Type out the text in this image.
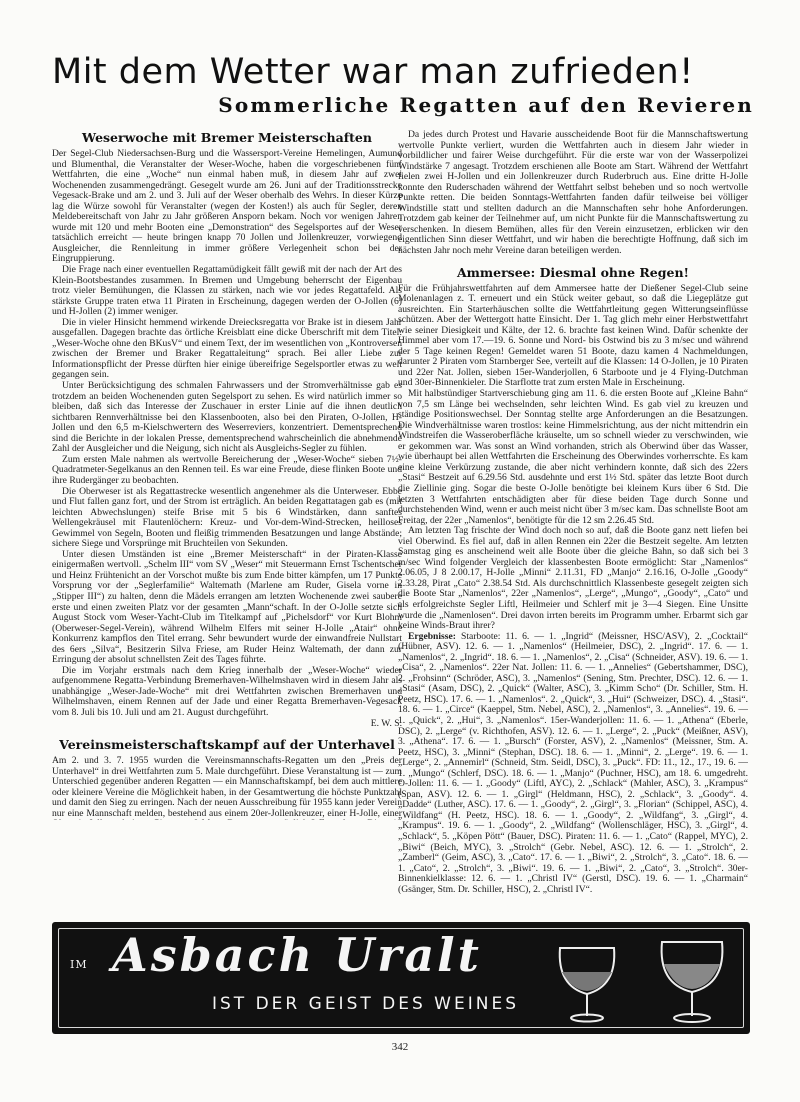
Mit dem Wetter war man zufrieden!
Sommerliche Regatten auf den Revieren
Weserwoche mit Bremer Meisterschaften

Der Segel-Club Niedersachsen-Burg und die Wassersport-Vereine Hemelingen, Aumund und Blumenthal, die Veranstalter der Weser-Woche, haben die vorgeschriebenen fünf Wettfahrten, die eine „Woche“ nun einmal haben muß, in diesem Jahr auf zwei Wochenenden zusammengedrängt. Gesegelt wurde am 26. Juni auf der Traditionsstrecke Vegesack-Brake und am 2. und 3. Juli auf der Weser oberhalb des Wehrs. In dieser Kürze lag die Würze sowohl für Veranstalter (wegen der Kosten!) als auch für Segler, deren Meldebereitschaft von Jahr zu Jahr größeren Ansporn bekam. Noch vor wenigen Jahren wurde mit 120 und mehr Booten eine „Demonstration“ des Segelsportes auf der Weser tatsächlich erreicht — heute bringen knapp 70 Jollen und Jollenkreuzer, vorwiegend Ausgleicher, die Rennleitung in immer größere Verlegenheit schon bei der Eingruppierung.

Die Frage nach einer eventuellen Regattamüdigkeit fällt gewiß mit der nach der Art des Klein-Bootsbestandes zusammen. In Bremen und Umgebung beherrscht der Eigenbau trotz vieler Bemühungen, die Klassen zu stärken, nach wie vor jedes Regattafeld. Als stärkste Gruppe traten etwa 11 Piraten in Erscheinung, dagegen werden der O-Jollen (6) und H-Jollen (2) immer weniger.

Die in vieler Hinsicht hemmend wirkende Dreiecksregatta vor Brake ist in diesem Jahr ausgefallen. Dagegen brachte das örtliche Kreisblatt eine dicke Überschrift mit dem Titel: „Weser-Woche ohne den BKusV“ und einem Text, der im wesentlichen von „Kontroversen zwischen der Bremer und Braker Regattaleitung“ sprach. Bei aller Liebe zur Informationspflicht der Presse dürften hier einige übereifrige Segelsportler etwas zu weit gegangen sein.

Unter Berücksichtigung des schmalen Fahrwassers und der Stromverhältnisse gab es trotzdem an beiden Wochenenden guten Segelsport zu sehen. Es wird natürlich immer so bleiben, daß sich das Interesse der Zuschauer in erster Linie auf die ihnen deutlich sichtbaren Rennverhältnisse bei den Klassenbooten, also bei den Piraten, O-Jollen, H-Jollen und den 6,5 m-Kielschwertern des Weserreviers, konzentriert. Dementsprechend sind die Berichte in der lokalen Presse, dementsprechend wahrscheinlich die abnehmende Zahl der Ausgleicher und die Neigung, sich nicht als Ausgleichs-Segler zu fühlen.

Zum ersten Male nahmen als wertvolle Bereicherung der „Weser-Woche“ sieben 7½-Quadratmeter-Segelkanus an den Rennen teil. Es war eine Freude, diese flinken Boote und ihre Rudergänger zu beobachten.

Die Oberweser ist als Regattastrecke wesentlich angenehmer als die Unterweser. Ebbe und Flut fallen ganz fort, und der Strom ist erträglich. An beiden Regattatagen gab es (mit leichten Abwechslungen) steife Brise mit 5 bis 6 Windstärken, dann sanftes Wellengekräusel mit Flautenlöchern: Kreuz- und Vor-dem-Wind-Strecken, heilloses Gewimmel von Segeln, Booten und fleißig trimmenden Besatzungen und lange Abstände; sichere Siege und Vorsprünge mit Bruchteilen von Sekunden.

Unter diesen Umständen ist eine „Bremer Meisterschaft“ in der Piraten-Klasse einigermaßen wertvoll. „Schelm III“ vom SV „Weser“ mit Steuermann Ernst Tschentscher und Heinz Frühtenicht an der Vorschot mußte bis zum Ende bitter kämpfen, um 17 Punkte Vorsprung vor der „Seglerfamilie“ Waltemath (Marlene am Ruder, Gisela vorne in „Stipper III“) zu halten, denn die Mädels errangen am letzten Wochenende zwei saubere erste und einen zweiten Platz vor der gesamten „Mann“schaft. In der O-Jolle setzte sich August Stock vom Weser-Yacht-Club im Titelkampf auf „Pichelsdorf“ vor Kurt Blohm (Oberweser-Segel-Verein), während Wilhelm Elfers mit seiner H-Jolle „Atair“ ohne Konkurrenz kampflos den Titel errang. Sehr bewundert wurde der einwandfreie Nullstart des 6ers „Silva“, Besitzerin Silva Friese, am Ruder Heinz Waltemath, der dann zur Erringung der absolut schnellsten Zeit des Tages führte.

Die im Vorjahr erstmals nach dem Krieg innerhalb der „Weser-Woche“ wieder aufgenommene Regatta-Verbindung Bremerhaven-Wilhelmshaven wird in diesem Jahr als unabhängige „Weser-Jade-Woche“ mit drei Wettfahrten zwischen Bremerhaven und Wilhelmshaven, einem Rennen auf der Jade und einer Regatta Bremerhaven-Vegesack vom 8. Juli bis 10. Juli und am 21. August durchgeführt.

E. W. S.
Vereinsmeisterschaftskampf auf der Unterhavel

Am 2. und 3. 7. 1955 wurden die Vereinsmannschafts-Regatten um den „Preis der Unterhavel“ in drei Wettfahrten zum 5. Male durchgeführt. Diese Veranstaltung ist — zum Unterschied gegenüber anderen Regatten — ein Mannschaftskampf, bei dem auch mittlere oder kleinere Vereine die Möglichkeit haben, in der Gesamtwertung die höchste Punktzahl und damit den Sieg zu erringen. Nach der neuen Ausschreibung für 1955 kann jeder Verein nur eine Mannschaft melden, bestehend aus einem 20er-Jollenkreuzer, einer H-Jolle, einer

Da jedes durch Protest und Havarie ausscheidende Boot für die Mannschaftswertung wertvolle Punkte verliert, wurden die Wettfahrten auch in diesem Jahr wieder in vorbildlicher und fairer Weise durchgeführt. Für die erste war von der Wasserpolizei Windstärke 7 angesagt. Trotzdem erschienen alle Boote am Start. Während der Wettfahrt fielen zwei H-Jollen und ein Jollenkreuzer durch Ruderbruch aus. Eine dritte H-Jolle konnte den Ruderschaden während der Wettfahrt selbst beheben und so noch wertvolle Punkte retten. Die beiden Sonntags-Wettfahrten fanden dafür teilweise bei völliger Windstille statt und stellten dadurch an die Mannschaften sehr hohe Anforderungen. Trotzdem gab keiner der Teilnehmer auf, um nicht Punkte für die Mannschaftswertung zu verschenken. In diesem Bemühen, alles für den Verein einzusetzen, erblicken wir den eigentlichen Sinn dieser Wettfahrt, und wir haben die berechtigte Hoffnung, daß sich im nächsten Jahr noch mehr Vereine daran beteiligen werden.

Ammersee: Diesmal ohne Regen!

Für die Frühjahrswettfahrten auf dem Ammersee hatte der Dießener Segel-Club seine Molenanlagen z. T. erneuert und ein Stück weiter gebaut, so daß die Liegeplätze gut ausreichten. Ein Starterhäuschen sollte die Wettfahrtleitung gegen Witterungseinflüsse schützen. Aber der Wettergott hatte Einsicht. Der 1. Tag glich mehr einer Herbstwettfahrt wie seiner Diesigkeit und Kälte, der 12. 6. brachte fast keinen Wind. Dafür schenkte der Himmel aber vom 17.—19. 6. Sonne und Nord- bis Ostwind bis zu 3 m/sec und während der 5 Tage keinen Regen! Gemeldet waren 51 Boote, dazu kamen 4 Nachmeldungen, darunter 2 Piraten vom Starnberger See, verteilt auf die Klassen: 14 O-Jollen, je 10 Piraten und 22er Nat. Jollen, sieben 15er-Wanderjollen, 6 Starboote und je 4 Flying-Dutchman und 30er-Binnenkieler. Die Starflotte trat zum ersten Male in Erscheinung.

Mit halbstündiger Startverschiebung ging am 11. 6. die ersten Boote auf „Kleine Bahn“ von 7,5 sm Länge bei wechselnden, sehr leichten Wind. Es gab viel zu kreuzen und ständige Positionswechsel. Der Sonntag stellte arge Anforderungen an die Besatzungen. Die Windverhältnisse waren trostlos: keine Himmelsrichtung, aus der nicht mittendrin ein Windstreifen die Wasseroberfläche kräuselte, um so schnell wieder zu verschwinden, wie er gekommen war. Was sonst an Wind vorhanden, strich als Oberwind über das Wasser, wie überhaupt bei allen Wettfahrten die Erscheinung des Oberwindes vorherrschte. Es kam eine kleine Verkürzung zustande, die aber nicht verhindern konnte, daß sich des 22ers „Stasi“ Bestzeit auf 6.29.56 Std. ausdehnte und erst 1½ Std. später das letzte Boot durch die Ziellinie ging. Sogar die beste O-Jolle benötigte bei kleinem Kurs über 6 Std. Die letzten 3 Wettfahrten entschädigten aber für diese beiden Tage durch Sonne und durchstehenden Wind, wenn er auch meist nicht über 3 m/sec kam. Das schnellste Boot am Freitag, der 22er „Namenlos“, benötigte für die 12 sm 2.26.45 Std.

Am letzten Tag frischte der Wind doch noch so auf, daß die Boote ganz nett liefen bei viel Oberwind. Es fiel auf, daß in allen Rennen ein 22er die Bestzeit segelte. Am letzten Samstag ging es anscheinend weit alle Boote über die gleiche Bahn, so daß sich bei 3 m/sec Wind folgender Vergleich der klassenbesten Boote ermöglicht: Star „Namenlos“ 2.06.05, J 8 2.00.17, H-Jolle „Minni“ 2.11.31, FD „Manjo“ 2.16.16, O-Jolle „Goody“ 2.33.28, Pirat „Cato“ 2.38.54 Std. Als durchschnittlich Klassenbeste gesegelt zeigten sich die Boote Star „Namenlos“, 22er „Namenlos“, „Lerge“, „Mungo“, „Goody“, „Cato“ und als erfolgreichste Segler Liftl, Heilmeier und Schlerf mit je 3—4 Siegen. Eine Unsitte wurde die „Namenlosen“. Drei davon irrten bereits im Programm umher. Erbarmt sich gar keine Winds-Braut ihrer?

Ergebnisse: Starboote: 11. 6. — 1. „Ingrid“ (Meissner, HSC/ASV), 2. „Cocktail“ (Hübner, ASV). 12. 6. — 1. „Namenlos“ (Heilmeier, DSC), 2. „Ingrid“. 17. 6. — 1. „Namenlos“, 2. „Ingrid“. 18. 6. — 1. „Namenlos“, 2. „Cisa“ (Schneider, ASV). 19. 6. — 1. „Cisa“, 2. „Namenlos“. 22er Nat. Jollen: 11. 6. — 1. „Annelies“ (Gebertshammer, DSC), 2. „Frohsinn“ (Schröder, ASC), 3. „Namenlos“ (Sening, Stm. Prechter, DSC). 12. 6. — 1. „Stasi“ (Asam, DSC), 2. „Quick“ (Walter, ASC), 3. „Kimm Scho“ (Dr. Schiller, Stm. H. Peetz, HSC). 17. 6. — 1. „Namenlos“. 2. „Quick“, 3. „Hui“ (Schweizer, DSC). 4. „Stasi“. 18. 6. — 1. „Circe“ (Kaeppel, Stm. Nebel, ASC), 2. „Namenlos“, 3. „Annelies“. 19. 6. — 1. „Quick“, 2. „Hui“, 3. „Namenlos“. 15er-Wanderjollen: 11. 6. — 1. „Athena“ (Eberle, DSC), 2. „Lerge“ (v. Richthofen, ASV). 12. 6. — 1. „Lerge“, 2. „Puck“ (Meißner, ASV), 3. „Athena“. 17. 6. — 1. „Bursch“ (Forster, ASV), 2. „Namenlos“ (Meissner, Stm. A. Peetz, HSC), 3. „Minni“ (Stephan, DSC). 18. 6. — 1. „Minni“, 2. „Lerge“. 19. 6. — 1. „Lerge“, 2. „Annemirl“ (Schneid, Stm. Seidl, DSC), 3. „Puck“. FD: 11., 12., 17., 19. 6. — 1. „Mungo“ (Schlerf, DSC). 18. 6. — 1. „Manjo“ (Puchner, HSC), am 18. 6. umgedreht. O-Jollen: 11. 6. — 1. „Goody“ (Liftl, AYC), 2. „Schlack“ (Mahler, ASC), 3. „Krampus“ (Span, ASV). 12. 6. — 1. „Girgl“ (Heldmann, HSC), 2. „Schlack“, 3. „Goody“. 4. „Dadde“ (Luther, ASC). 17. 6. — 1. „Goody“, 2. „Girgl“, 3. „Florian“ (Schippel, ASC), 4. „Wildfang“ (H. Peetz, HSC). 18. 6. — 1. „Goody“, 2. „Wildfang“, 3. „Girgl“, 4. „Krampus“. 19. 6. — 1. „Goody“, 2. „Wildfang“ (Wollenschläger, HSC), 3. „Girgl“, 4. „Schlack“, 5. „Köpen Pött“ (Bauer, DSC). Piraten: 11. 6. — 1. „Cato“ (Rappel, MYC), 2. „Biwi“ (Beich, MYC), 3. „Strolch“ (Gebr. Nebel, ASC). 12. 6. — 1. „Strolch“, 2. „Zamberl“ (Geim, ASC), 3. „Cato“. 17. 6. — 1. „Biwi“, 2. „Strolch“, 3. „Cato“. 18. 6. — 1. „Cato“, 2. „Strolch“, 3. „Biwi“. 19. 6. — 1. „Biwi“, 2. „Cato“, 3. „Strolch“. 30er-Binnenkielklasse: 12. 6. — 1. „Christl IV“ (Gerstl, DSC). 19. 6. — 1. „Charmain“ (Gsänger, Stm. Dr. Schiller, HSC), 2. „Christl IV“.

IM Asbach Uralt
IST DER GEIST DES WEINES
342
